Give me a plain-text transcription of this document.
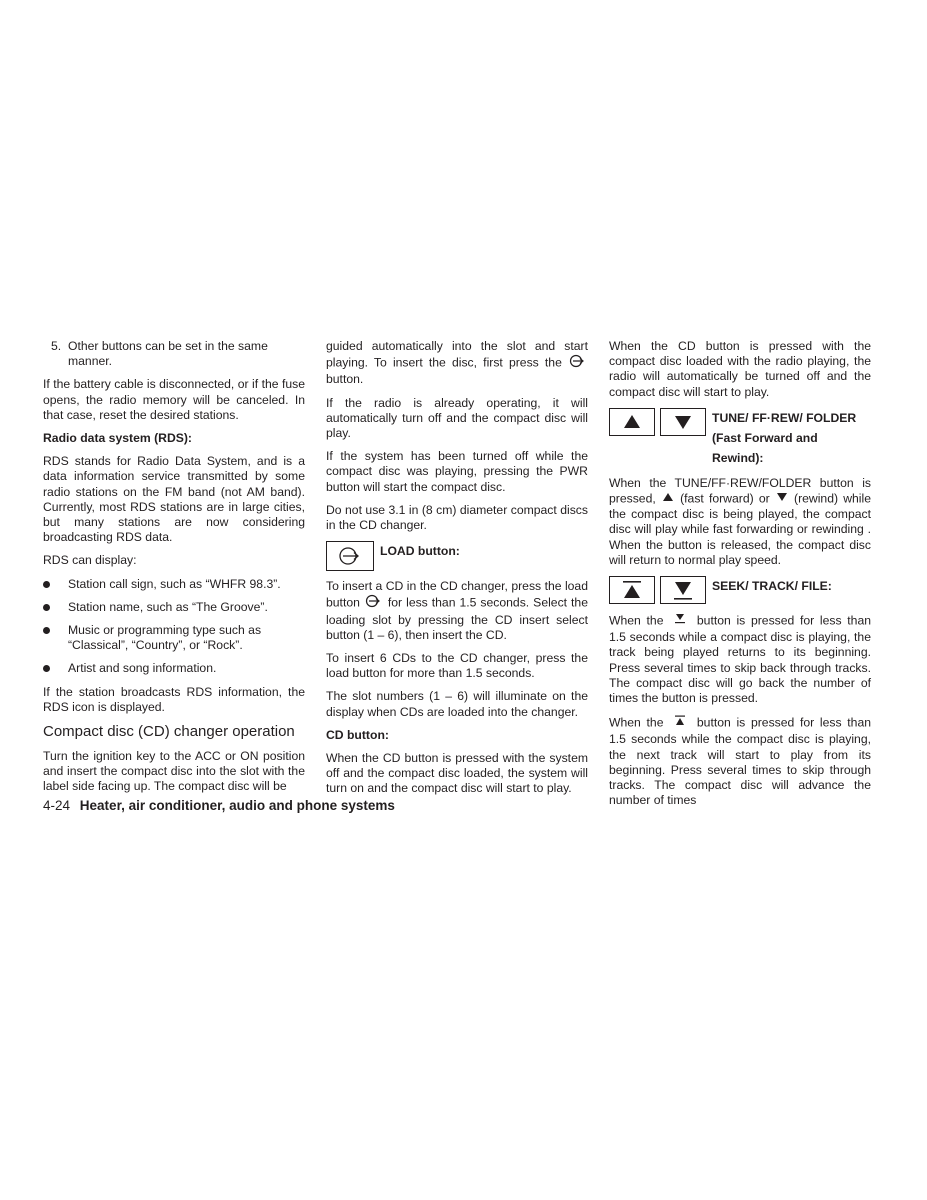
5. Other buttons can be set in the same manner.

If the battery cable is disconnected, or if the fuse opens, the radio memory will be canceled. In that case, reset the desired stations.

Radio data system (RDS):

RDS stands for Radio Data System, and is a data information service transmitted by some radio stations on the FM band (not AM band). Currently, most RDS stations are in large cities, but many stations are now considering broadcasting RDS data.

RDS can display:

Station call sign, such as “WHFR 98.3”.
Station name, such as “The Groove”.
Music or programming type such as “Classical”, “Country”, or “Rock”.
Artist and song information.

If the station broadcasts RDS information, the RDS icon is displayed.

Compact disc (CD) changer operation

Turn the ignition key to the ACC or ON position and insert the compact disc into the slot with the label side facing up. The compact disc will be

guided automatically into the slot and start playing. To insert the disc, first press the  button.

If the radio is already operating, it will automatically turn off and the compact disc will play.

If the system has been turned off while the compact disc was playing, pressing the PWR button will start the compact disc.

Do not use 3.1 in (8 cm) diameter compact discs in the CD changer.

LOAD button:

To insert a CD in the CD changer, press the load button for less than 1.5 seconds. Select the loading slot by pressing the CD insert select button (1 – 6), then insert the CD.

To insert 6 CDs to the CD changer, press the load button for more than 1.5 seconds.

The slot numbers (1 – 6) will illuminate on the display when CDs are loaded into the changer.

CD button:

When the CD button is pressed with the system off and the compact disc loaded, the system will turn on and the compact disc will start to play.

When the CD button is pressed with the compact disc loaded with the radio playing, the radio will automatically be turned off and the compact disc will start to play.

TUNE/ FF·REW/ FOLDER
(Fast Forward and
Rewind):

When the TUNE/FF·REW/FOLDER button is pressed, (fast forward) or (rewind) while the compact disc is being played, the compact disc will play while fast forwarding or rewinding . When the button is released, the compact disc will return to normal play speed.

SEEK/ TRACK/ FILE:

When the	button is pressed for less than 1.5 seconds while a compact disc is playing, the track being played returns to its beginning. Press several times to skip back through tracks. The compact disc will go back the number of times the button is pressed.

When the	button is pressed for less than 1.5 seconds while the compact disc is playing, the next track will start to play from its beginning. Press several times to skip through tracks. The compact disc will advance the number of times

4-24 Heater, air conditioner, audio and phone systems
